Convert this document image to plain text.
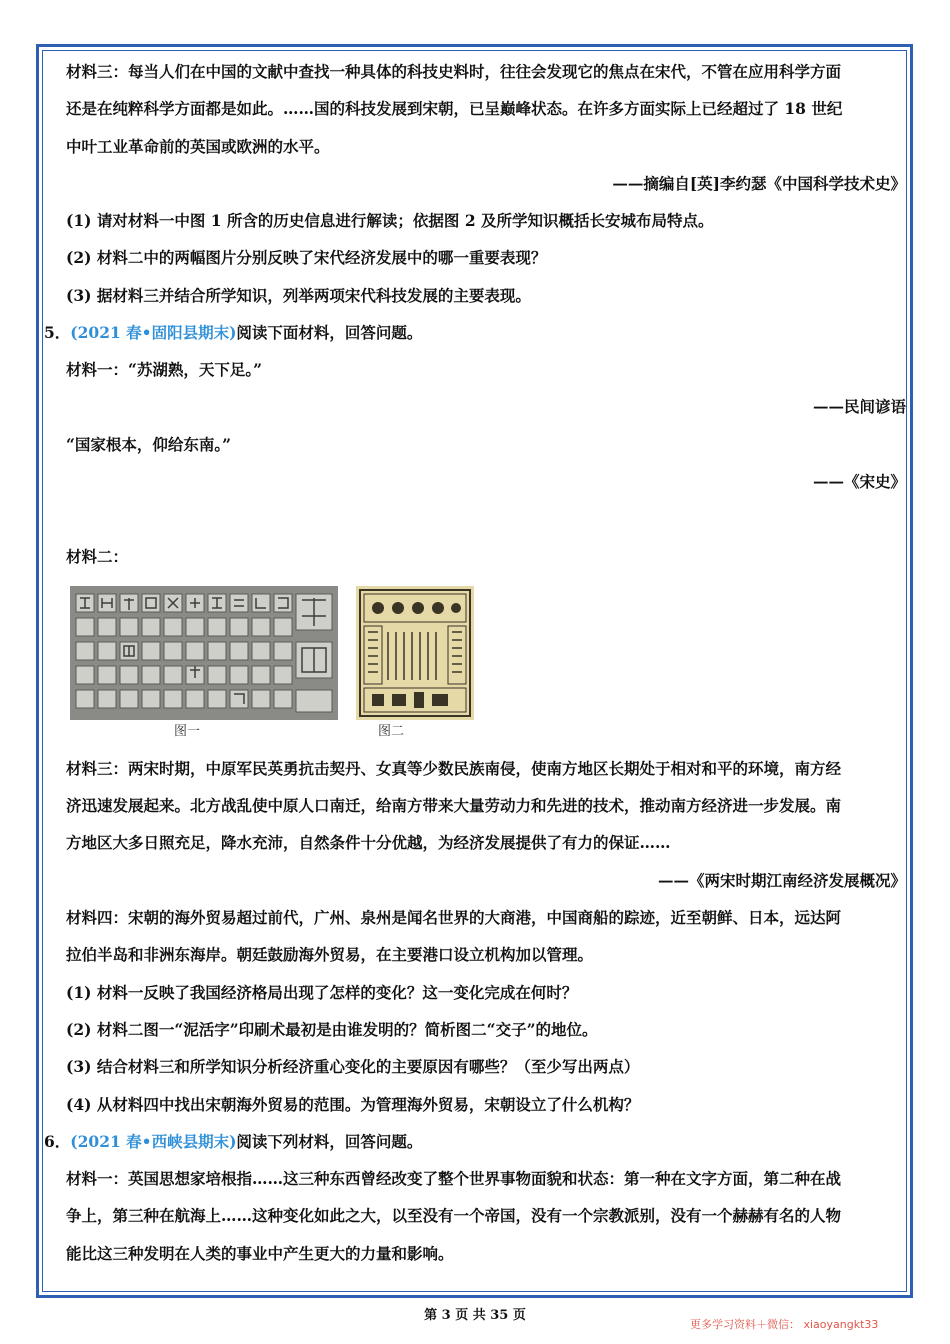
材料三：每当人们在中国的文献中查找一种具体的科技史料时，往往会发现它的焦点在宋代，不管在应用科学方面
还是在纯粹科学方面都是如此。……国的科技发展到宋朝，已呈巅峰状态。在许多方面实际上已经超过了 18 世纪
中叶工业革命前的英国或欧洲的水平。
——摘编自[英]李约瑟《中国科学技术史》
(1) 请对材料一中图 1 所含的历史信息进行解读；依据图 2 及所学知识概括长安城布局特点。
(2) 材料二中的两幅图片分别反映了宋代经济发展中的哪一重要表现？
(3) 据材料三并结合所学知识，列举两项宋代科技发展的主要表现。
5．(2021 春•固阳县期末)阅读下面材料，回答问题。
材料一：“苏湖熟，天下足。”
——民间谚语
“国家根本，仰给东南。”
——《宋史》
材料二：
图一	图二
材料三：两宋时期，中原军民英勇抗击契丹、女真等少数民族南侵，使南方地区长期处于相对和平的环境，南方经
济迅速发展起来。北方战乱使中原人口南迁，给南方带来大量劳动力和先进的技术，推动南方经济进一步发展。南
方地区大多日照充足，降水充沛，自然条件十分优越，为经济发展提供了有力的保证……
——《两宋时期江南经济发展概况》
材料四：宋朝的海外贸易超过前代，广州、泉州是闻名世界的大商港，中国商船的踪迹，近至朝鲜、日本，远达阿
拉伯半岛和非洲东海岸。朝廷鼓励海外贸易，在主要港口设立机构加以管理。
(1) 材料一反映了我国经济格局出现了怎样的变化？这一变化完成在何时？
(2) 材料二图一“泥活字”印刷术最初是由谁发明的？简析图二“交子”的地位。
(3) 结合材料三和所学知识分析经济重心变化的主要原因有哪些？（至少写出两点）
(4) 从材料四中找出宋朝海外贸易的范围。为管理海外贸易，宋朝设立了什么机构？
6．(2021 春•西峡县期末)阅读下列材料，回答问题。
材料一：英国思想家培根指……这三种东西曾经改变了整个世界事物面貌和状态：第一种在文字方面，第二种在战
争上，第三种在航海上……这种变化如此之大，以至没有一个帝国，没有一个宗教派别，没有一个赫赫有名的人物
能比这三种发明在人类的事业中产生更大的力量和影响。
第 3 页 共 35 页
更多学习资料＋微信： xiaoyangkt33
